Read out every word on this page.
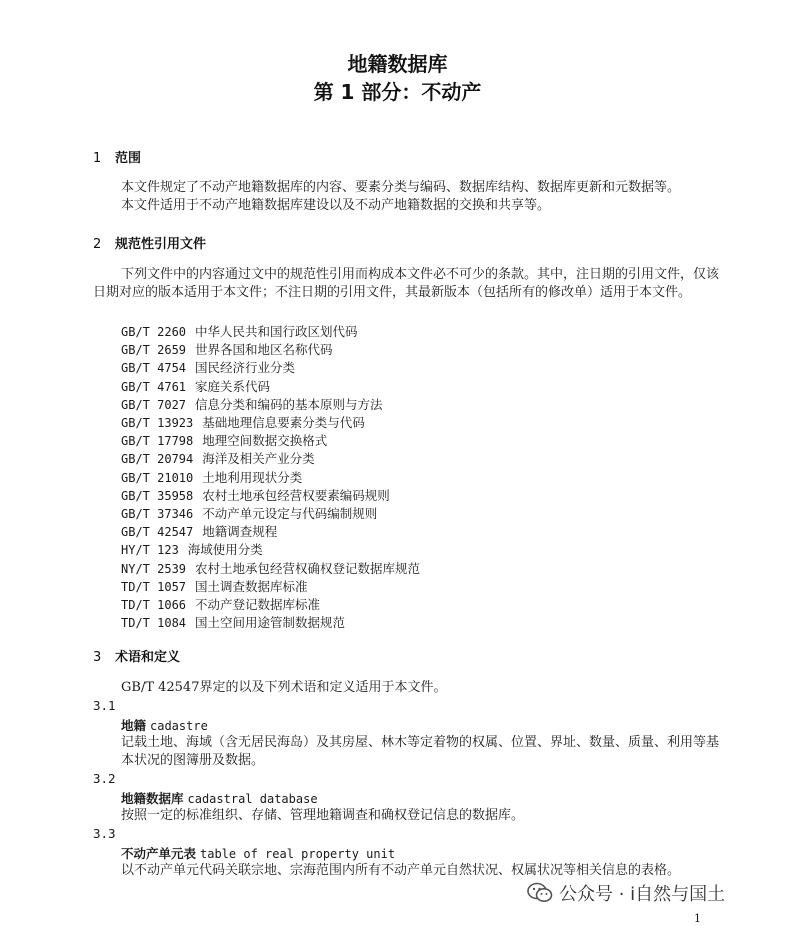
地籍数据库
第 1 部分：不动产
1 范围

本文件规定了不动产地籍数据库的内容、要素分类与编码、数据库结构、数据库更新和元数据等。

本文件适用于不动产地籍数据库建设以及不动产地籍数据的交换和共享等。

2 规范性引用文件

下列文件中的内容通过文中的规范性引用而构成本文件必不可少的条款。其中，注日期的引用文件，仅该日期对应的版本适用于本文件；不注日期的引用文件，其最新版本（包括所有的修改单）适用于本文件。

GB/T 2260 中华人民共和国行政区划代码
GB/T 2659 世界各国和地区名称代码
GB/T 4754 国民经济行业分类
GB/T 4761 家庭关系代码
GB/T 7027 信息分类和编码的基本原则与方法
GB/T 13923 基础地理信息要素分类与代码
GB/T 17798 地理空间数据交换格式
GB/T 20794 海洋及相关产业分类
GB/T 21010 土地利用现状分类
GB/T 35958 农村土地承包经营权要素编码规则
GB/T 37346 不动产单元设定与代码编制规则
GB/T 42547 地籍调查规程
HY/T 123 海域使用分类
NY/T 2539 农村土地承包经营权确权登记数据库规范
TD/T 1057 国土调查数据库标准
TD/T 1066 不动产登记数据库标准
TD/T 1084 国土空间用途管制数据规范
3 术语和定义

GB/T 42547界定的以及下列术语和定义适用于本文件。

3.1
地籍 cadastre

记载土地、海域（含无居民海岛）及其房屋、林木等定着物的权属、位置、界址、数量、质量、利用等基本状况的图簿册及数据。

3.2
地籍数据库 cadastral database

按照一定的标准组织、存储、管理地籍调查和确权登记信息的数据库。

3.3
不动产单元表 table of real property unit

以不动产单元代码关联宗地、宗海范围内所有不动产单元自然状况、权属状况等相关信息的表格。

公众号 · i自然与国土
1
